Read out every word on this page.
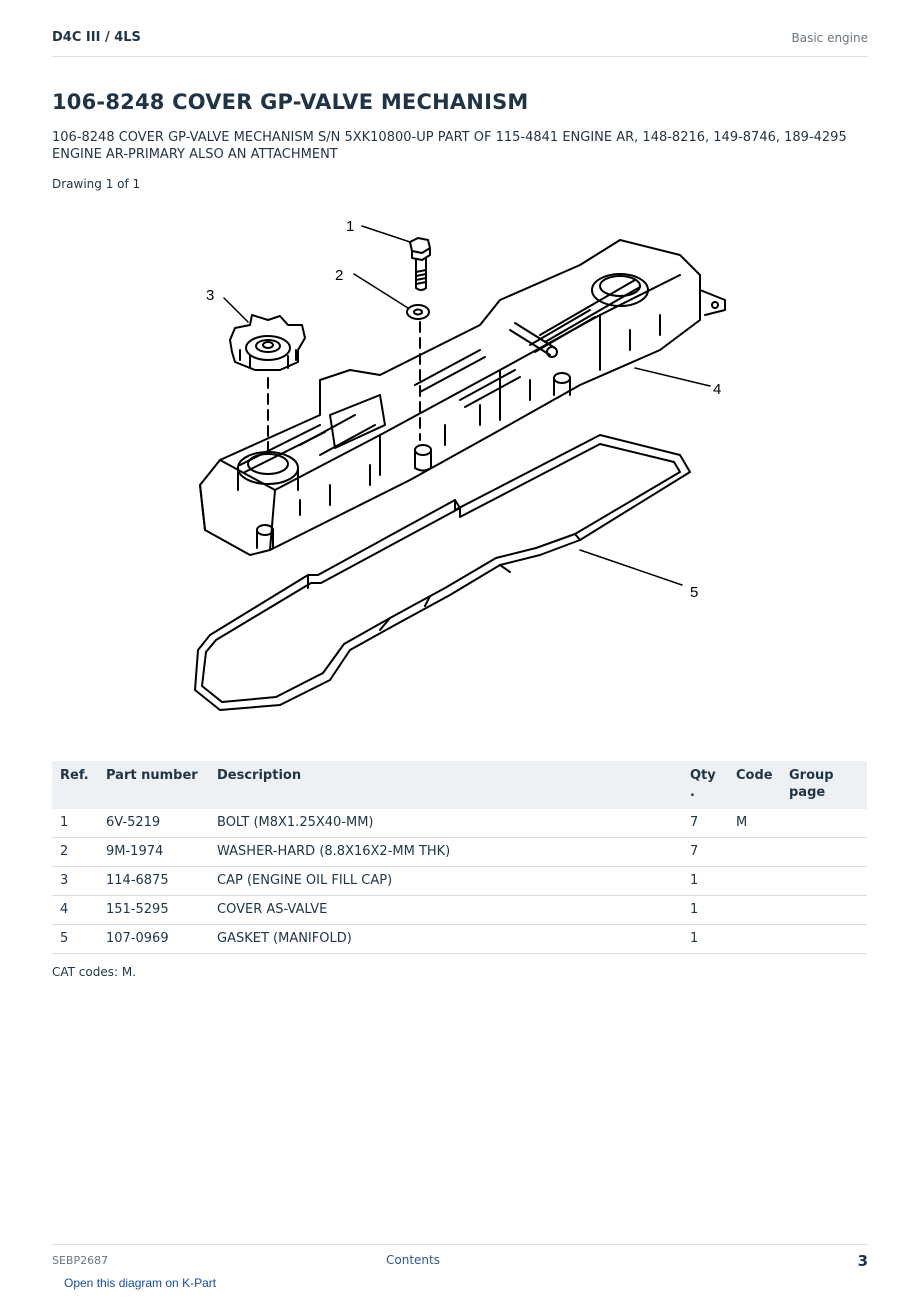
D4C III / 4LS	Basic engine
106-8248 COVER GP-VALVE MECHANISM

106-8248 COVER GP-VALVE MECHANISM S/N 5XK10800-UP PART OF 115-4841 ENGINE AR, 148-8216, 149-8746, 189-4295 ENGINE AR-PRIMARY ALSO AN ATTACHMENT

Drawing 1 of 1
1
2
3
4
5
Ref.	Part number	Description	Qty .	Code	Group page
1	6V-5219	BOLT (M8X1.25X40-MM)	7	M	
2	9M-1974	WASHER-HARD (8.8X16X2-MM THK)	7		
3	114-6875	CAP (ENGINE OIL FILL CAP)	1		
4	151-5295	COVER AS-VALVE	1		
5	107-0969	GASKET (MANIFOLD)	1		
CAT codes: M.
SEBP2687	Contents	3
Open this diagram on K-Part
